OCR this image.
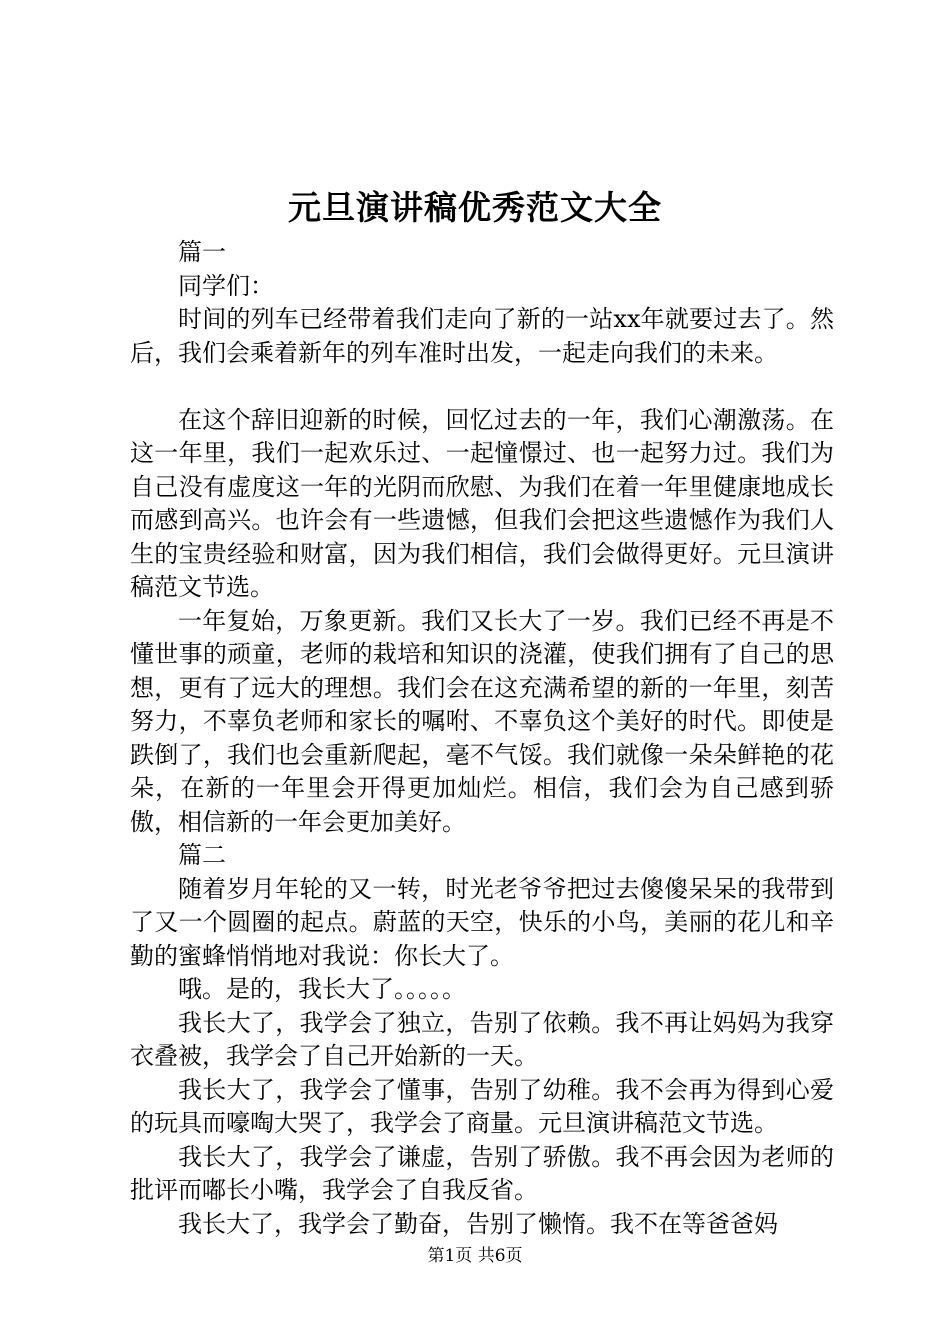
元旦演讲稿优秀范文大全

篇一

同学们：

时间的列车已经带着我们走向了新的一站xx年就要过去了。然后，我们会乘着新年的列车准时出发，一起走向我们的未来。

在这个辞旧迎新的时候，回忆过去的一年，我们心潮激荡。在这一年里，我们一起欢乐过、一起憧憬过、也一起努力过。我们为自己没有虚度这一年的光阴而欣慰、为我们在着一年里健康地成长而感到高兴。也许会有一些遗憾，但我们会把这些遗憾作为我们人生的宝贵经验和财富，因为我们相信，我们会做得更好。元旦演讲稿范文节选。

一年复始，万象更新。我们又长大了一岁。我们已经不再是不懂世事的顽童，老师的栽培和知识的浇灌，使我们拥有了自己的思想，更有了远大的理想。我们会在这充满希望的新的一年里，刻苦努力，不辜负老师和家长的嘱咐、不辜负这个美好的时代。即使是跌倒了，我们也会重新爬起，毫不气馁。我们就像一朵朵鲜艳的花朵，在新的一年里会开得更加灿烂。相信，我们会为自己感到骄傲，相信新的一年会更加美好。

篇二

随着岁月年轮的又一转，时光老爷爷把过去傻傻呆呆的我带到了又一个圆圈的起点。蔚蓝的天空，快乐的小鸟，美丽的花儿和辛勤的蜜蜂悄悄地对我说：你长大了。

哦。是的，我长大了。。。。。

我长大了，我学会了独立，告别了依赖。我不再让妈妈为我穿衣叠被，我学会了自己开始新的一天。

我长大了，我学会了懂事，告别了幼稚。我不会再为得到心爱的玩具而嚎啕大哭了，我学会了商量。元旦演讲稿范文节选。

我长大了，我学会了谦虚，告别了骄傲。我不再会因为老师的批评而嘟长小嘴，我学会了自我反省。

我长大了，我学会了勤奋，告别了懒惰。我不在等爸爸妈

第1页 共6页
